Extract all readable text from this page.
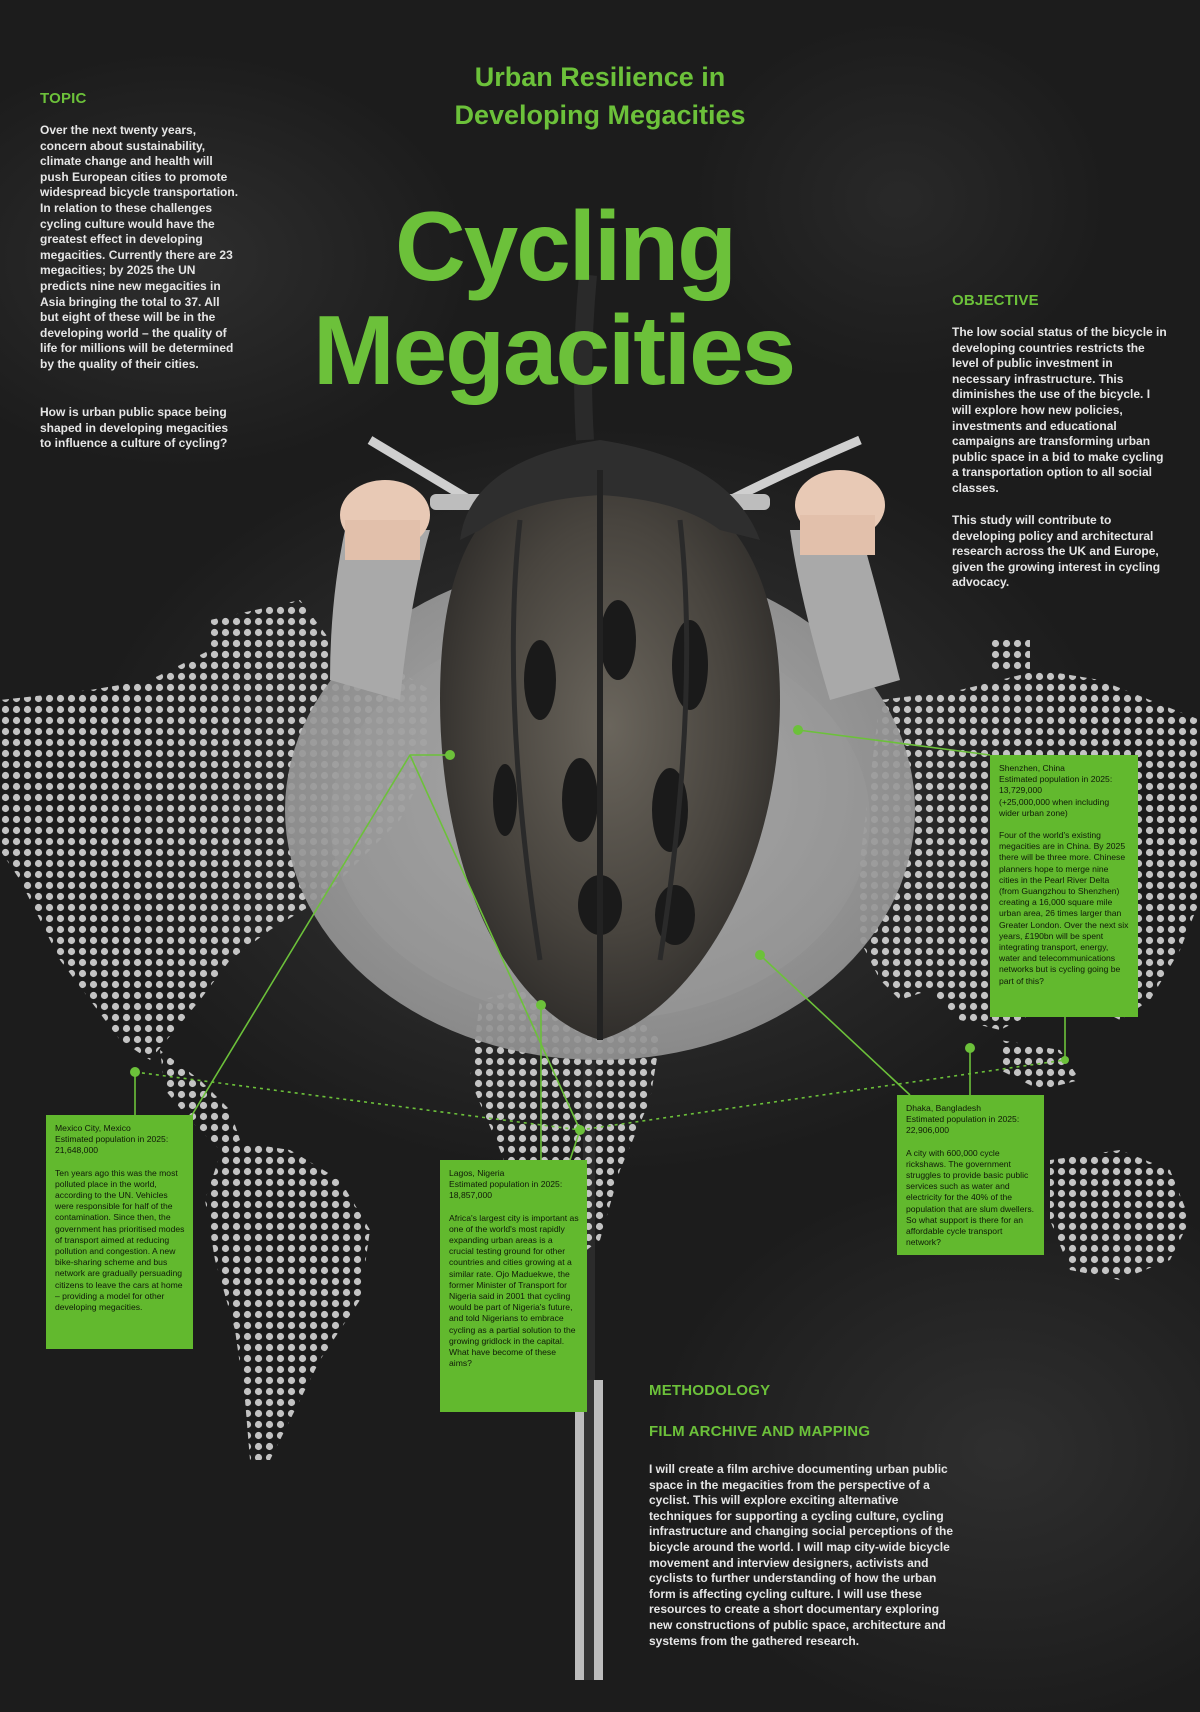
Urban Resilience in
Developing Megacities
Cycling
Megacities
TOPIC
Over the next twenty years, concern about sustainability, climate change and health will push European cities to promote widespread bicycle transportation. In relation to these challenges cycling culture would have the greatest effect in developing megacities. Currently there are 23 megacities; by 2025 the UN predicts nine new megacities in Asia bringing the total to 37. All but eight of these will be in the developing world – the quality of life for millions will be determined by the quality of their cities.
How is urban public space being shaped in developing megacities to influence a culture of cycling?
OBJECTIVE
The low social status of the bicycle in developing countries restricts the level of public investment in necessary infrastructure. This diminishes the use of the bicycle. I will explore how new policies, investments and educational campaigns are transforming urban public space in a bid to make cycling a transportation option to all social classes.
This study will contribute to developing policy and architectural research across the UK and Europe, given the growing interest in cycling advocacy.
METHODOLOGY
FILM ARCHIVE AND MAPPING
I will create a film archive documenting urban public space in the megacities from the perspective of a cyclist. This will explore exciting alternative techniques for supporting a cycling culture, cycling infrastructure and changing social perceptions of the bicycle around the world. I will map city-wide bicycle movement and interview designers, activists and cyclists to further understanding of how the urban form is affecting cycling culture. I will use these resources to create a short documentary exploring new constructions of public space, architecture and systems from the gathered research.

Shenzhen, China
Estimated population in 2025:
13,729,000
(+25,000,000 when including wider urban zone)

Four of the world's existing megacities are in China. By 2025 there will be three more. Chinese planners hope to merge nine cities in the Pearl River Delta (from Guangzhou to Shenzhen) creating a 16,000 square mile urban area, 26 times larger than Greater London. Over the next six years, £190bn will be spent integrating transport, energy, water and telecommunications networks but is cycling going be part of this?

Mexico City, Mexico
Estimated population in 2025:
21,648,000

Ten years ago this was the most polluted place in the world, according to the UN. Vehicles were responsible for half of the contamination. Since then, the government has prioritised modes of transport aimed at reducing pollution and congestion. A new bike-sharing scheme and bus network are gradually persuading citizens to leave the cars at home – providing a model for other developing megacities.

Lagos, Nigeria
Estimated population in 2025:
18,857,000

Africa's largest city is important as one of the world's most rapidly expanding urban areas is a crucial testing ground for other countries and cities growing at a similar rate. Ojo Maduekwe, the former Minister of Transport for Nigeria said in 2001 that cycling would be part of Nigeria's future, and told Nigerians to embrace cycling as a partial solution to the growing gridlock in the capital. What have become of these aims?

Dhaka, Bangladesh
Estimated population in 2025:
22,906,000

A city with 600,000 cycle rickshaws. The government struggles to provide basic public services such as water and electricity for the 40% of the population that are slum dwellers. So what support is there for an affordable cycle transport network?
